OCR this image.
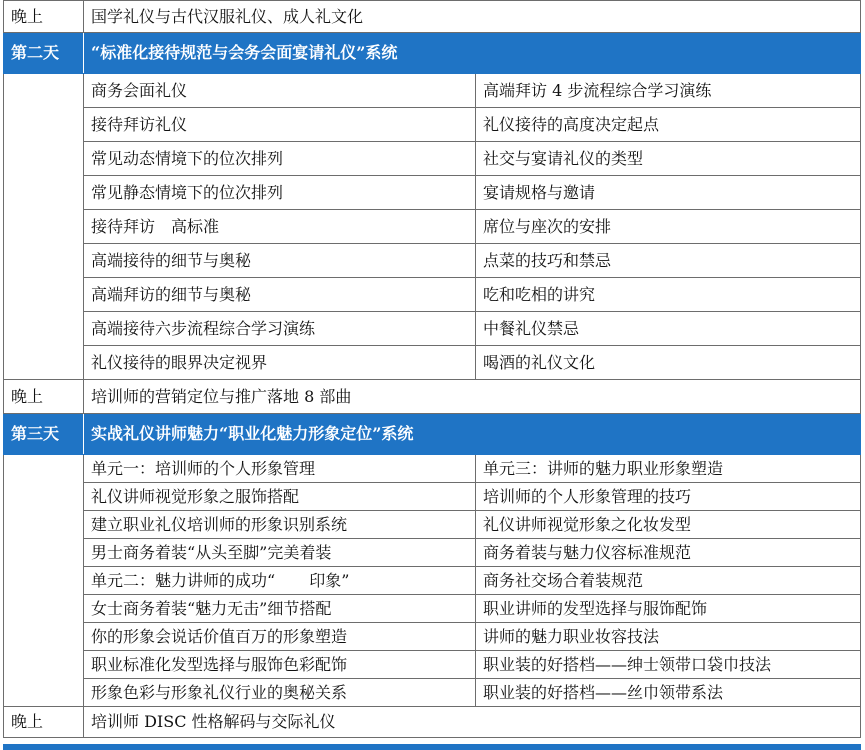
晚上	国学礼仪与古代汉服礼仪、成人礼文化	
第二天	“标准化接待规范与会务会面宴请礼仪”系统	
	商务会面礼仪	高端拜访 4 步流程综合学习演练
	接待拜访礼仪	礼仪接待的高度决定起点
	常见动态情境下的位次排列	社交与宴请礼仪的类型
	常见静态情境下的位次排列	宴请规格与邀请
	接待拜访　高标准	席位与座次的安排
	高端接待的细节与奥秘	点菜的技巧和禁忌
	高端拜访的细节与奥秘	吃和吃相的讲究
	高端接待六步流程综合学习演练	中餐礼仪禁忌
	礼仪接待的眼界决定视界	喝酒的礼仪文化
晚上	培训师的营销定位与推广落地 8 部曲	
第三天	实战礼仪讲师魅力“职业化魅力形象定位”系统	
	单元一：培训师的个人形象管理	单元三：讲师的魅力职业形象塑造
	礼仪讲师视觉形象之服饰搭配	培训师的个人形象管理的技巧
	建立职业礼仪培训师的形象识别系统	礼仪讲师视觉形象之化妆发型
	男士商务着装“从头至脚”完美着装	商务着装与魅力仪容标准规范
	单元二：魅力讲师的成功“ 印象”	商务社交场合着装规范
	女士商务着装“魅力无击”细节搭配	职业讲师的发型选择与服饰配饰
	你的形象会说话价值百万的形象塑造	讲师的魅力职业妆容技法
	职业标准化发型选择与服饰色彩配饰	职业装的好搭档——绅士领带口袋巾技法
	形象色彩与形象礼仪行业的奥秘关系	职业装的好搭档——丝巾领带系法
晚上	培训师 DISC 性格解码与交际礼仪	
